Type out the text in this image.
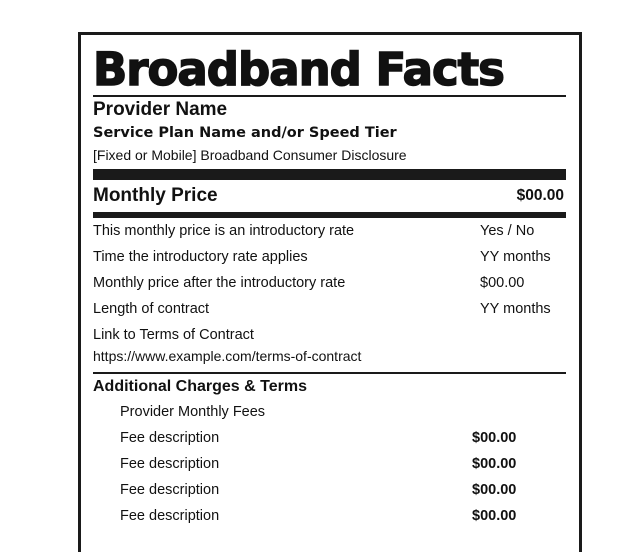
Broadband Facts
Provider Name
Service Plan Name and/or Speed Tier
[Fixed or Mobile] Broadband Consumer Disclosure
Monthly Price	$00.00
This monthly price is an introductory rate	Yes / No
Time the introductory rate applies	YY months
Monthly price after the introductory rate	$00.00
Length of contract	YY months
Link to Terms of Contract
https://www.example.com/terms-of-contract
Additional Charges & Terms
Provider Monthly Fees
Fee description	$00.00
Fee description	$00.00
Fee description	$00.00
Fee description	$00.00
